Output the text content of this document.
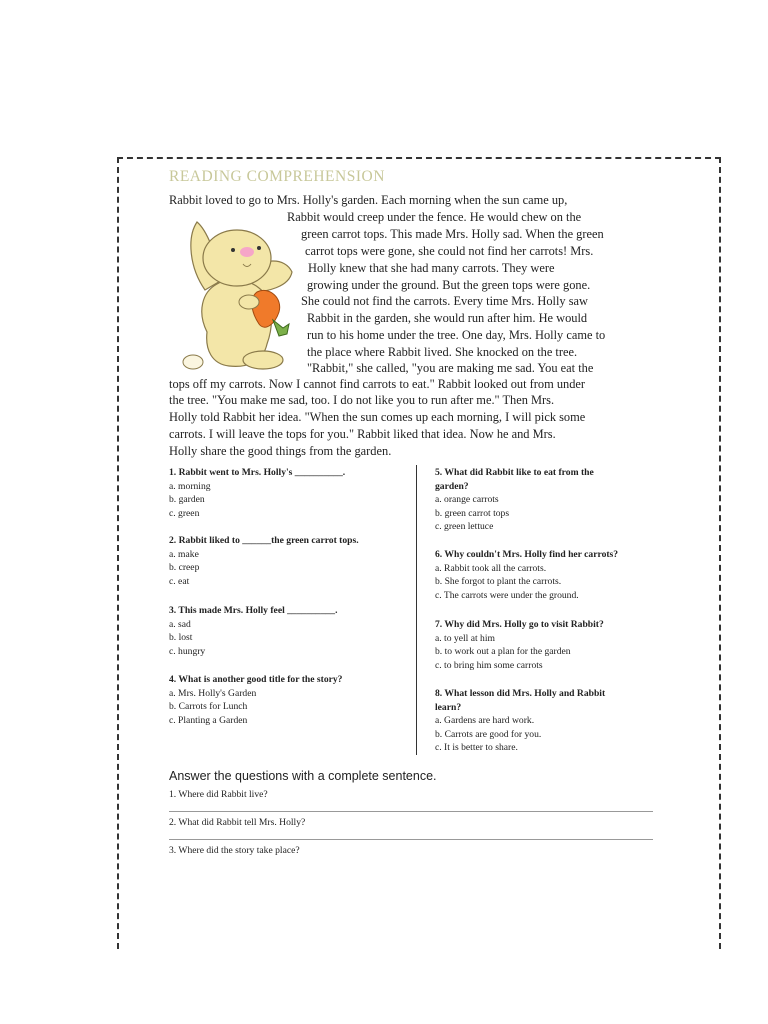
READING COMPREHENSION
Rabbit loved to go to Mrs. Holly's garden. Each morning when the sun came up,
Rabbit would creep under the fence. He would chew on the
green carrot tops. This made Mrs. Holly sad. When the green
carrot tops were gone, she could not find her carrots! Mrs.
Holly knew that she had many carrots. They were
growing under the ground. But the green tops were gone.
She could not find the carrots. Every time Mrs. Holly saw
Rabbit in the garden, she would run after him. He would
run to his home under the tree. One day, Mrs. Holly came to
the place where Rabbit lived. She knocked on the tree.
"Rabbit," she called, "you are making me sad. You eat the
tops off my carrots. Now I cannot find carrots to eat." Rabbit looked out from under
the tree. "You make me sad, too. I do not like you to run after me." Then Mrs.
Holly told Rabbit her idea. "When the sun comes up each morning, I will pick some
carrots. I will leave the tops for you." Rabbit liked that idea. Now he and Mrs.
Holly share the good things from the garden.
1. Rabbit went to Mrs. Holly's __________.
a. morning
b. garden
c. green
2. Rabbit liked to ______the green carrot tops.
a. make
b. creep
c. eat
3. This made Mrs. Holly feel __________.
a. sad
b. lost
c. hungry
4. What is another good title for the story?
a. Mrs. Holly's Garden
b. Carrots for Lunch
c. Planting a Garden
5. What did Rabbit like to eat from the
garden?
a. orange carrots
b. green carrot tops
c. green lettuce
6. Why couldn't Mrs. Holly find her carrots?
a. Rabbit took all the carrots.
b. She forgot to plant the carrots.
c. The carrots were under the ground.
7. Why did Mrs. Holly go to visit Rabbit?
a. to yell at him
b. to work out a plan for the garden
c. to bring him some carrots
8. What lesson did Mrs. Holly and Rabbit
learn?
a. Gardens are hard work.
b. Carrots are good for you.
c. It is better to share.
Answer the questions with a complete sentence.
1. Where did Rabbit live?
2. What did Rabbit tell Mrs. Holly?
3. Where did the story take place?
